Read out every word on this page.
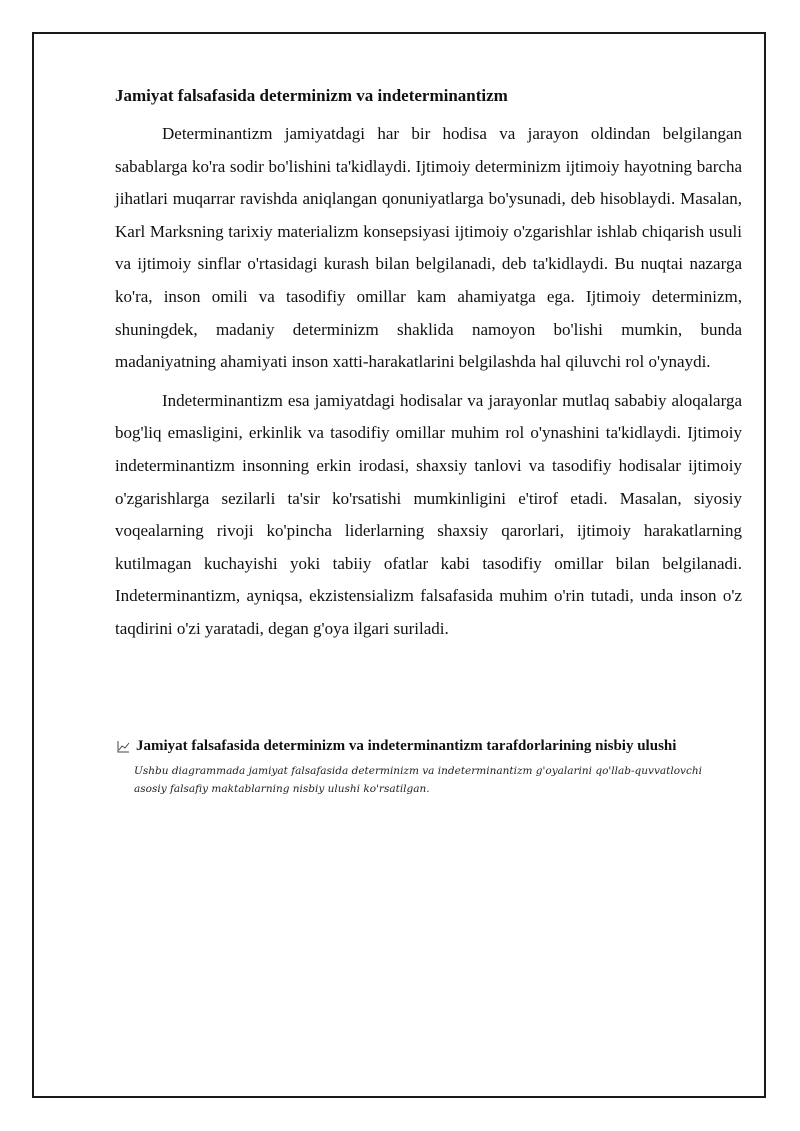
Jamiyat falsafasida determinizm va indeterminantizm

Determinantizm jamiyatdagi har bir hodisa va jarayon oldindan belgilangan sabablarga ko'ra sodir bo'lishini ta'kidlaydi. Ijtimoiy determinizm ijtimoiy hayotning barcha jihatlari muqarrar ravishda aniqlangan qonuniyatlarga bo'ysunadi, deb hisoblaydi. Masalan, Karl Marksning tarixiy materializm konsepsiyasi ijtimoiy o'zgarishlar ishlab chiqarish usuli va ijtimoiy sinflar o'rtasidagi kurash bilan belgilanadi, deb ta'kidlaydi. Bu nuqtai nazarga ko'ra, inson omili va tasodifiy omillar kam ahamiyatga ega. Ijtimoiy determinizm, shuningdek, madaniy determinizm shaklida namoyon bo'lishi mumkin, bunda madaniyatning ahamiyati inson xatti-harakatlarini belgilashda hal qiluvchi rol o'ynaydi.

Indeterminantizm esa jamiyatdagi hodisalar va jarayonlar mutlaq sababiy aloqalarga bog'liq emasligini, erkinlik va tasodifiy omillar muhim rol o'ynashini ta'kidlaydi. Ijtimoiy indeterminantizm insonning erkin irodasi, shaxsiy tanlovi va tasodifiy hodisalar ijtimoiy o'zgarishlarga sezilarli ta'sir ko'rsatishi mumkinligini e'tirof etadi. Masalan, siyosiy voqealarning rivoji ko'pincha liderlarning shaxsiy qarorlari, ijtimoiy harakatlarning kutilmagan kuchayishi yoki tabiiy ofatlar kabi tasodifiy omillar bilan belgilanadi. Indeterminantizm, ayniqsa, ekzistensializm falsafasida muhim o'rin tutadi, unda inson o'z taqdirini o'zi yaratadi, degan g'oya ilgari suriladi.

Jamiyat falsafasida determinizm va indeterminantizm tarafdorlarining nisbiy ulushi
Ushbu diagrammada jamiyat falsafasida determinizm va indeterminantizm g'oyalarini qo'llab-quvvatlovchi asosiy falsafiy maktablarning nisbiy ulushi ko'rsatilgan.
